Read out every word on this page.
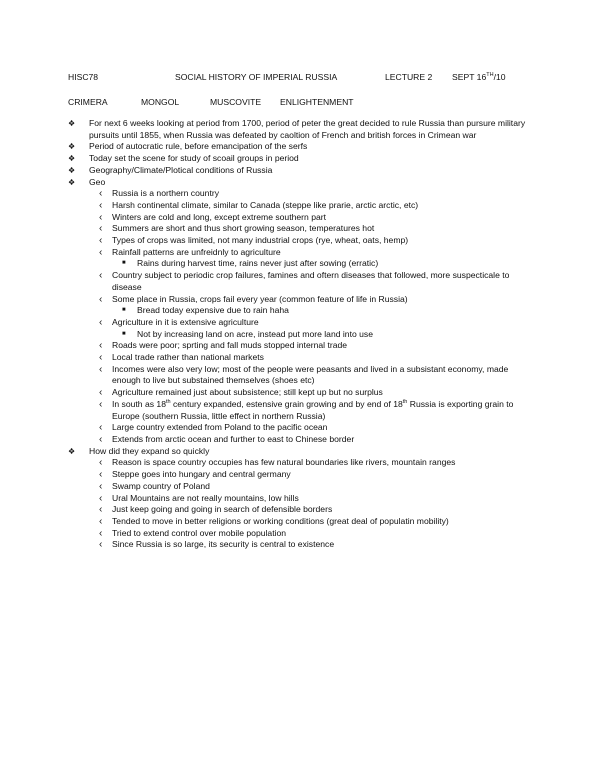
HISC78	SOCIAL HISTORY OF IMPERIAL RUSSIA	LECTURE 2 SEPT 16TH/10
CRIMERA	MONGOL	MUSCOVITE ENLIGHTENMENT
❖	For next 6 weeks looking at period from 1700, period of peter the great decided to rule Russia than pursure military pursuits until 1855, when Russia was defeated by caoltion of French and british forces in Crimean war
❖	Period of autocratic rule, before emancipation of the serfs
❖	Today set the scene for study of scoail groups in period
❖	Geography/Climate/Plotical conditions of Russia
❖	Geo
‹	Russia is a northern country
‹	Harsh continental climate, similar to Canada (steppe like prarie, arctic arctic, etc)
‹	Winters are cold and long, except extreme southern part
‹	Summers are short and thus short growing season, temperatures hot
‹	Types of crops was limited, not many industrial crops (rye, wheat, oats, hemp)
‹	Rainfall patterns are unfreidnly to agriculture
■	Rains during harvest time, rains never just after sowing (erratic)
‹	Country subject to periodic crop failures, famines and oftern diseases that followed, more suspecticale to disease
‹	Some place in Russia, crops fail every year (common feature of life in Russia)
■	Bread today expensive due to rain haha
‹	Agriculture in it is extensive agriculture
■	Not by increasing land on acre, instead put more land into use
‹	Roads were poor; sprting and fall muds stopped internal trade
‹	Local trade rather than national markets
‹	Incomes were also very low; most of the people were peasants and lived in a subsistant economy, made enough to live but substained themselves (shoes etc)
‹	Agriculture remained just about subsistence; still kept up but no surplus
‹	In south as 18th century expanded, estensive grain growing and by end of 18th Russia is exporting grain to Europe (southern Russia, little effect in northern Russia)
‹	Large country extended from Poland to the pacific ocean
‹	Extends from arctic ocean and further to east to Chinese border
❖	How did they expand so quickly
‹	Reason is space country occupies has few natural boundaries like rivers, mountain ranges
‹	Steppe goes into hungary and central germany
‹	Swamp country of Poland
‹	Ural Mountains are not really mountains, low hills
‹	Just keep going and going in search of defensible borders
‹	Tended to move in better religions or working conditions (great deal of populatin mobility)
‹	Tried to extend control over mobile population
‹	Since Russia is so large, its security is central to existence
